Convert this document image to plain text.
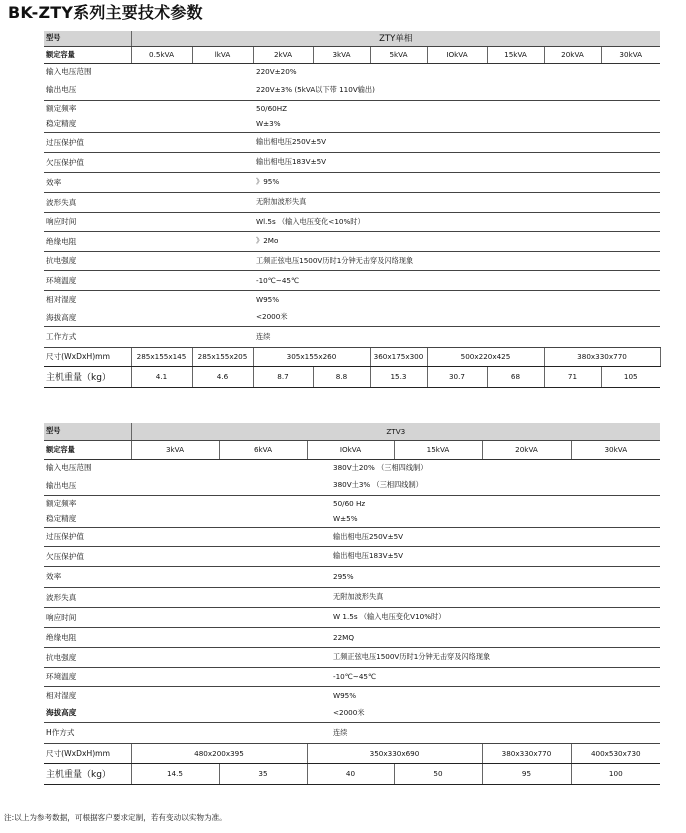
BK-ZTY系列主要技术参数
型号	ZTY单相									
额定容量	0.5kVA	lkVA	2kVA	3kVA	5kVA	IOkVA	15kVA	20kVA	30kVA	
输入电压范围			220V±20%							
输出电压			220V±3% (5kVA以下带 110V输出)							
额定频率			50/60HZ							
稳定精度			W±3%							
过压保护值			输出相电压250V±5V							
欠压保护值			输出相电压183V±5V							
效率			》95%							
波形失真			无附加波形失真							
响应时间			Wl.5s （输入电压变化<10%时）							
绝缘电阻			》2Mo							
抗电强度			工频正弦电压1500V历时1分钟无击穿及闪络现象							
环境温度			-10℃~45℃							
相对湿度			W95%							
海拔高度			<2000米							
工作方式			连续							
尺寸(WxDxH)mm	285x155x145	285x155x205	305x155x260		360x175x300	500x220x425		380x330x770	
主机重量（kg）	4.1	4.6	8.7	8.8	15.3	30.7	68	71	105	
型号	ZTV3					
额定容量	3kVA	6kVA	IOkVA	15kVA	20kVA	30kVA
输入电压范围			380V土20% （三相四线制）			
输出电压			380V土3% （三相四线制）			
额定频率			50/60 Hz			
稳定精度			W±5%			
过压保护值			输出相电压250V±5V			
欠压保护值			输出相电压183V±5V			
效率			295%			
波形失真			无附加波形失真			
响应时间			W 1.5s （输入电压变化V10%时）			
绝缘电阻			22MQ			
抗电强度			工频正弦电压1500V历时1分钟无击穿及闪络现象			
环境温度			-10℃~45℃			
相对湿度			W95%			
海拔高度			<2000米			
H作方式			连续			
尺寸(WxDxH)mm	480x200x395		350x330x690		380x330x770	400x530x730
主机重量（kg）	14.5	35	40	50	95	100
注:以上为参考数据，可根据客户要求定制，若有变动以实物为准。
